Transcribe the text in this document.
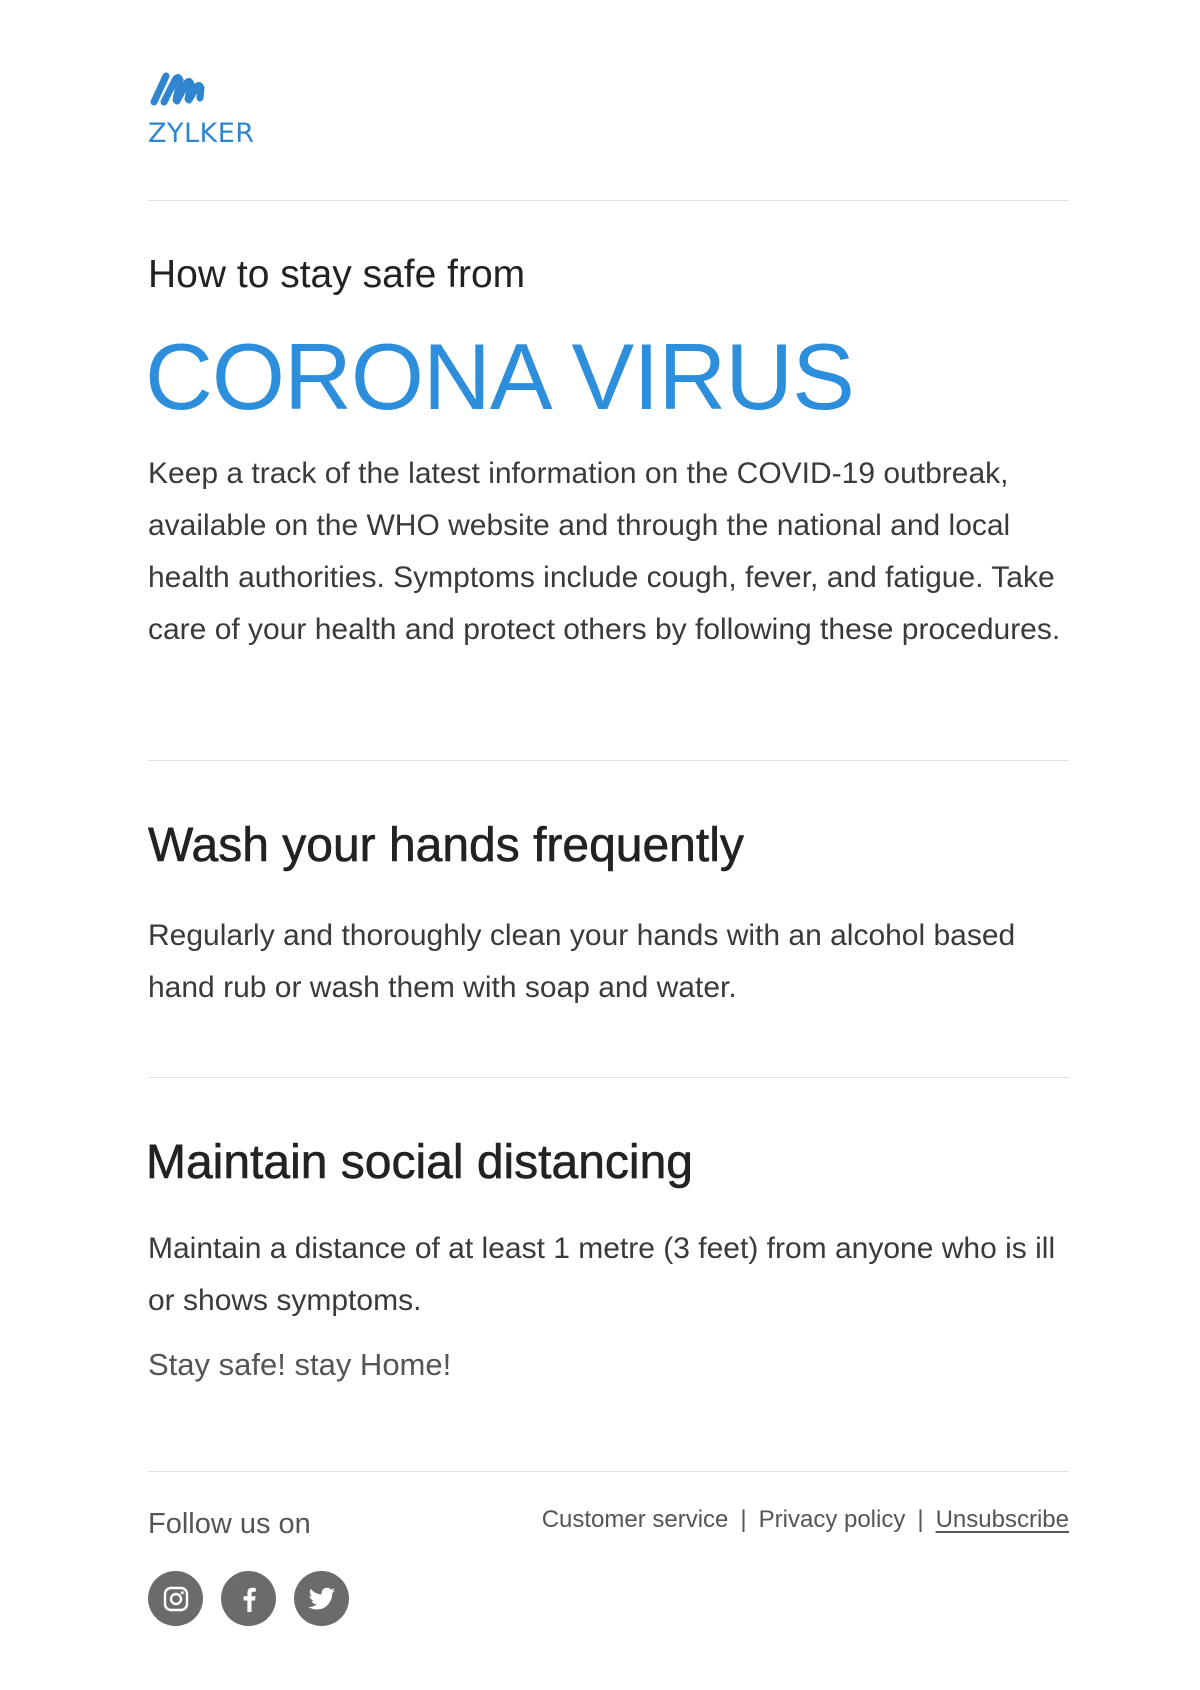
ZYLKER
How to stay safe from
CORONA VIRUS

Keep a track of the latest information on the COVID-19 outbreak, available on the WHO website and through the national and local health authorities. Symptoms include cough, fever, and fatigue. Take care of your health and protect others by following these procedures.

Wash your hands frequently

Regularly and thoroughly clean your hands with an alcohol based hand rub or wash them with soap and water.

Maintain social distancing

Maintain a distance of at least 1 metre (3 feet) from anyone who is ill or shows symptoms.

Stay safe! stay Home!
Follow us on	Customer service | Privacy policy | Unsubscribe
